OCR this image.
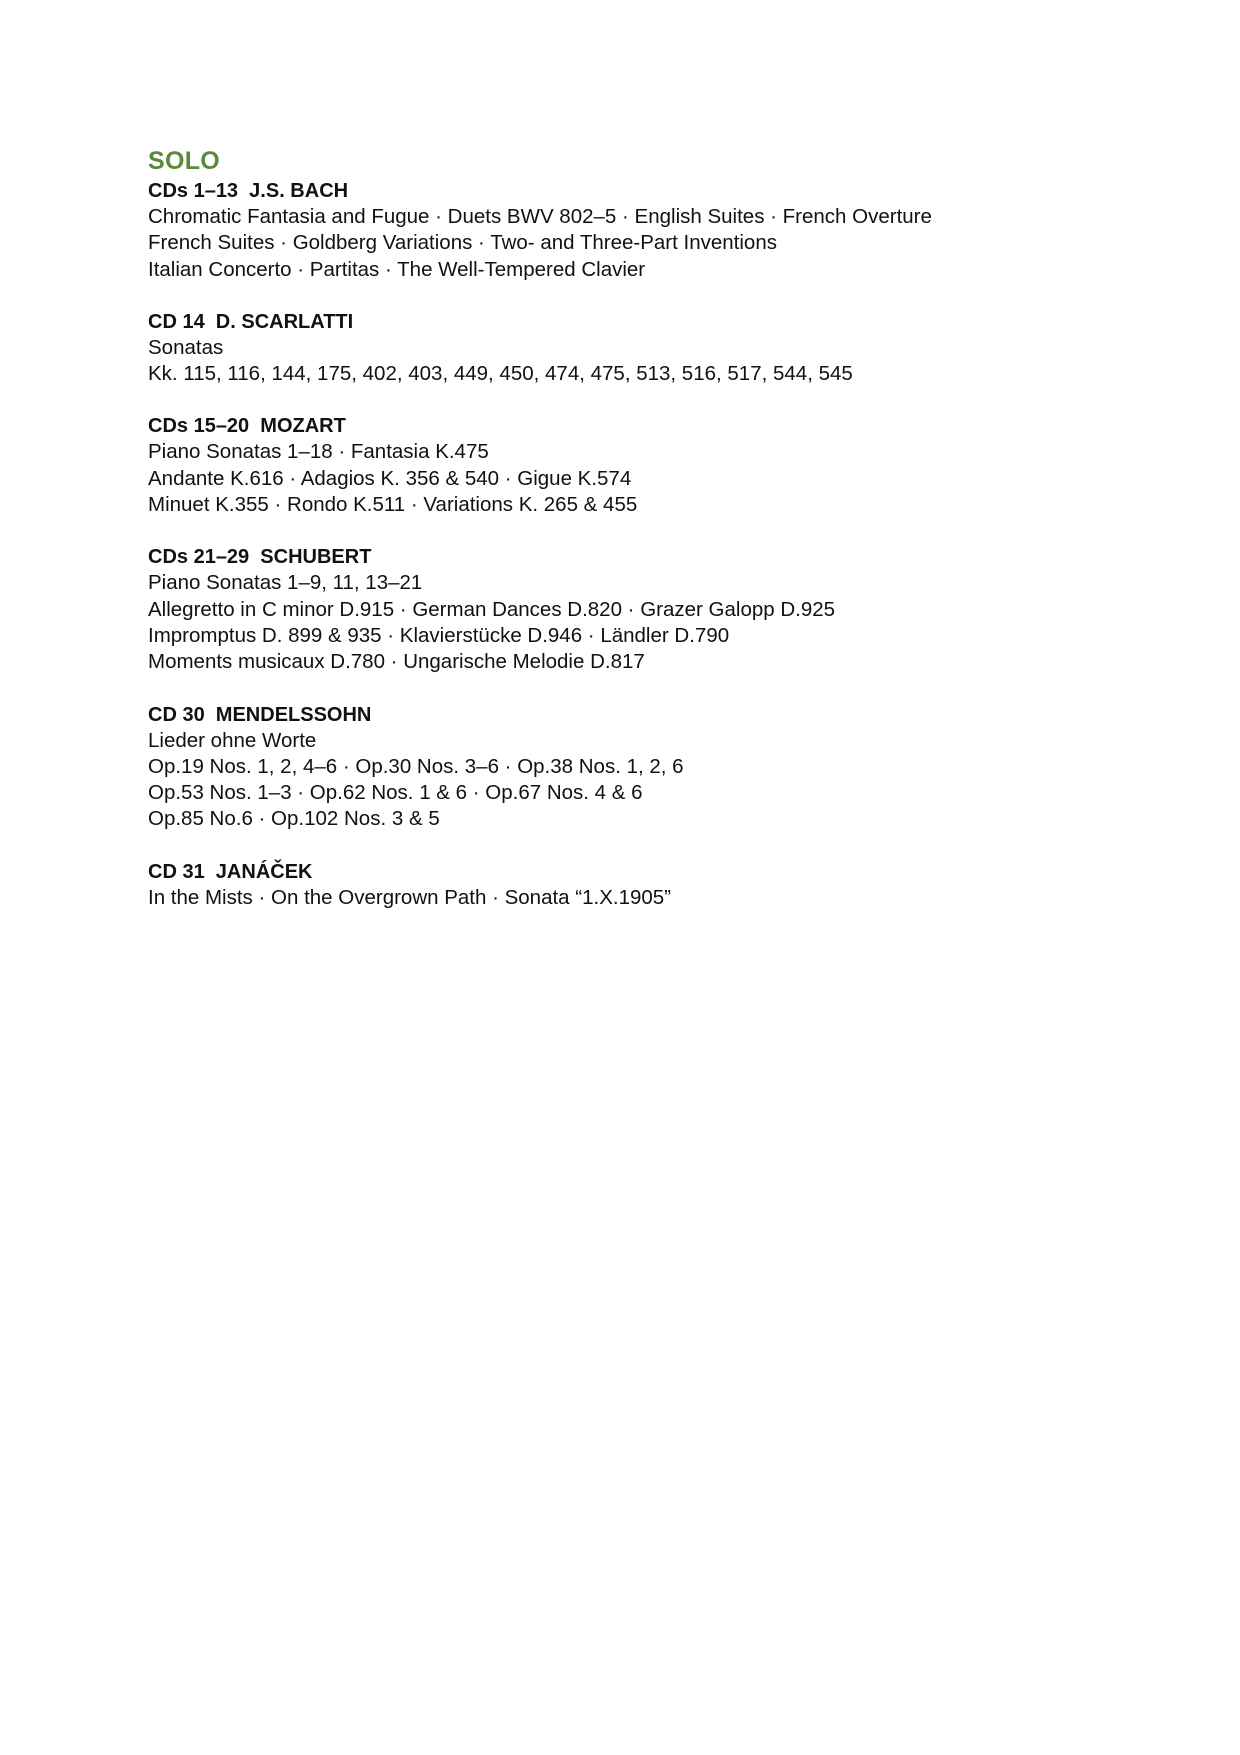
SOLO

CDs 1–13  J.S. BACH

Chromatic Fantasia and Fugue · Duets BWV 802–5 · English Suites · French Overture

French Suites · Goldberg Variations · Two- and Three-Part Inventions

Italian Concerto · Partitas · The Well-Tempered Clavier

CD 14  D. SCARLATTI

Sonatas

Kk. 115, 116, 144, 175, 402, 403, 449, 450, 474, 475, 513, 516, 517, 544, 545

CDs 15–20  MOZART

Piano Sonatas 1–18 · Fantasia K.475

Andante K.616 · Adagios K. 356 & 540 · Gigue K.574

Minuet K.355 · Rondo K.511 · Variations K. 265 & 455

CDs 21–29  SCHUBERT

Piano Sonatas 1–9, 11, 13–21

Allegretto in C minor D.915 · German Dances D.820 · Grazer Galopp D.925

Impromptus D. 899 & 935 · Klavierstücke D.946 · Ländler D.790

Moments musicaux D.780 · Ungarische Melodie D.817

CD 30  MENDELSSOHN

Lieder ohne Worte

Op.19 Nos. 1, 2, 4–6 · Op.30 Nos. 3–6 · Op.38 Nos. 1, 2, 6

Op.53 Nos. 1–3 · Op.62 Nos. 1 & 6 · Op.67 Nos. 4 & 6

Op.85 No.6 · Op.102 Nos. 3 & 5

CD 31  JANÁČEK

In the Mists · On the Overgrown Path · Sonata “1.X.1905”
